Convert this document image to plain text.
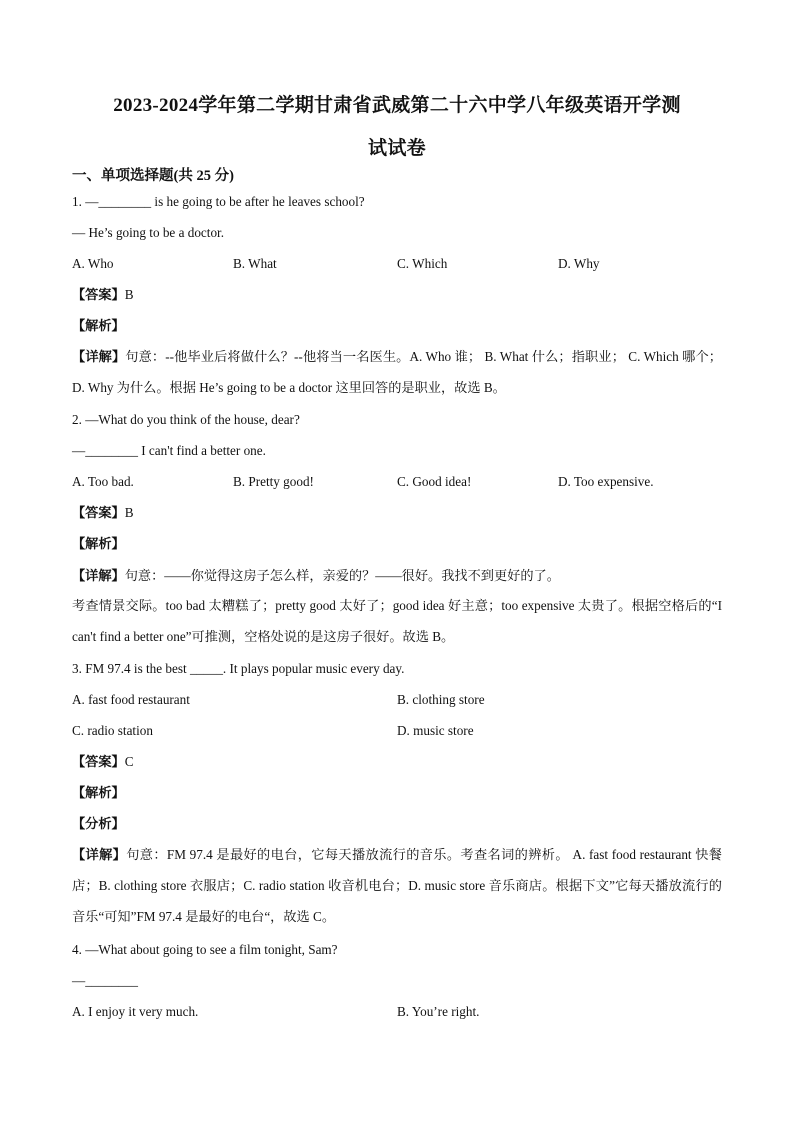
2023-2024学年第二学期甘肃省武威第二十六中学八年级英语开学测
试试卷
一、单项选择题(共 25 分)
1. —________ is he going to be after he leaves school?
— He’s going to be a doctor.
A. Who	B. What	C. Which	D. Why
【答案】B
【解析】
【详解】句意：--他毕业后将做什么？--他将当一名医生。A. Who 谁； B. What 什么；指职业； C. Which 哪个； D. Why 为什么。根据 He’s going to be a doctor 这里回答的是职业，故选 B。
2. —What do you think of the house, dear?
—________ I can't find a better one.
A. Too bad.	B. Pretty good!	C. Good idea!	D. Too expensive.
【答案】B
【解析】
【详解】句意：——你觉得这房子怎么样，亲爱的？——很好。我找不到更好的了。
考查情景交际。too bad 太糟糕了；pretty good 太好了；good idea 好主意；too expensive 太贵了。根据空格后的“I can't find a better one”可推测，空格处说的是这房子很好。故选 B。
3. FM 97.4 is the best _____. It plays popular music every day.
A. fast food restaurant	B. clothing store
C. radio station	D. music store
【答案】C
【解析】
【分析】
【详解】句意：FM 97.4 是最好的电台，它每天播放流行的音乐。考查名词的辨析。 A. fast food restaurant 快餐店；B. clothing store 衣服店；C. radio station 收音机电台；D. music store 音乐商店。根据下文”它每天播放流行的音乐“可知”FM 97.4 是最好的电台“，故选 C。
4. —What about going to see a film tonight, Sam?
—________
A. I enjoy it very much.	B. You’re right.
